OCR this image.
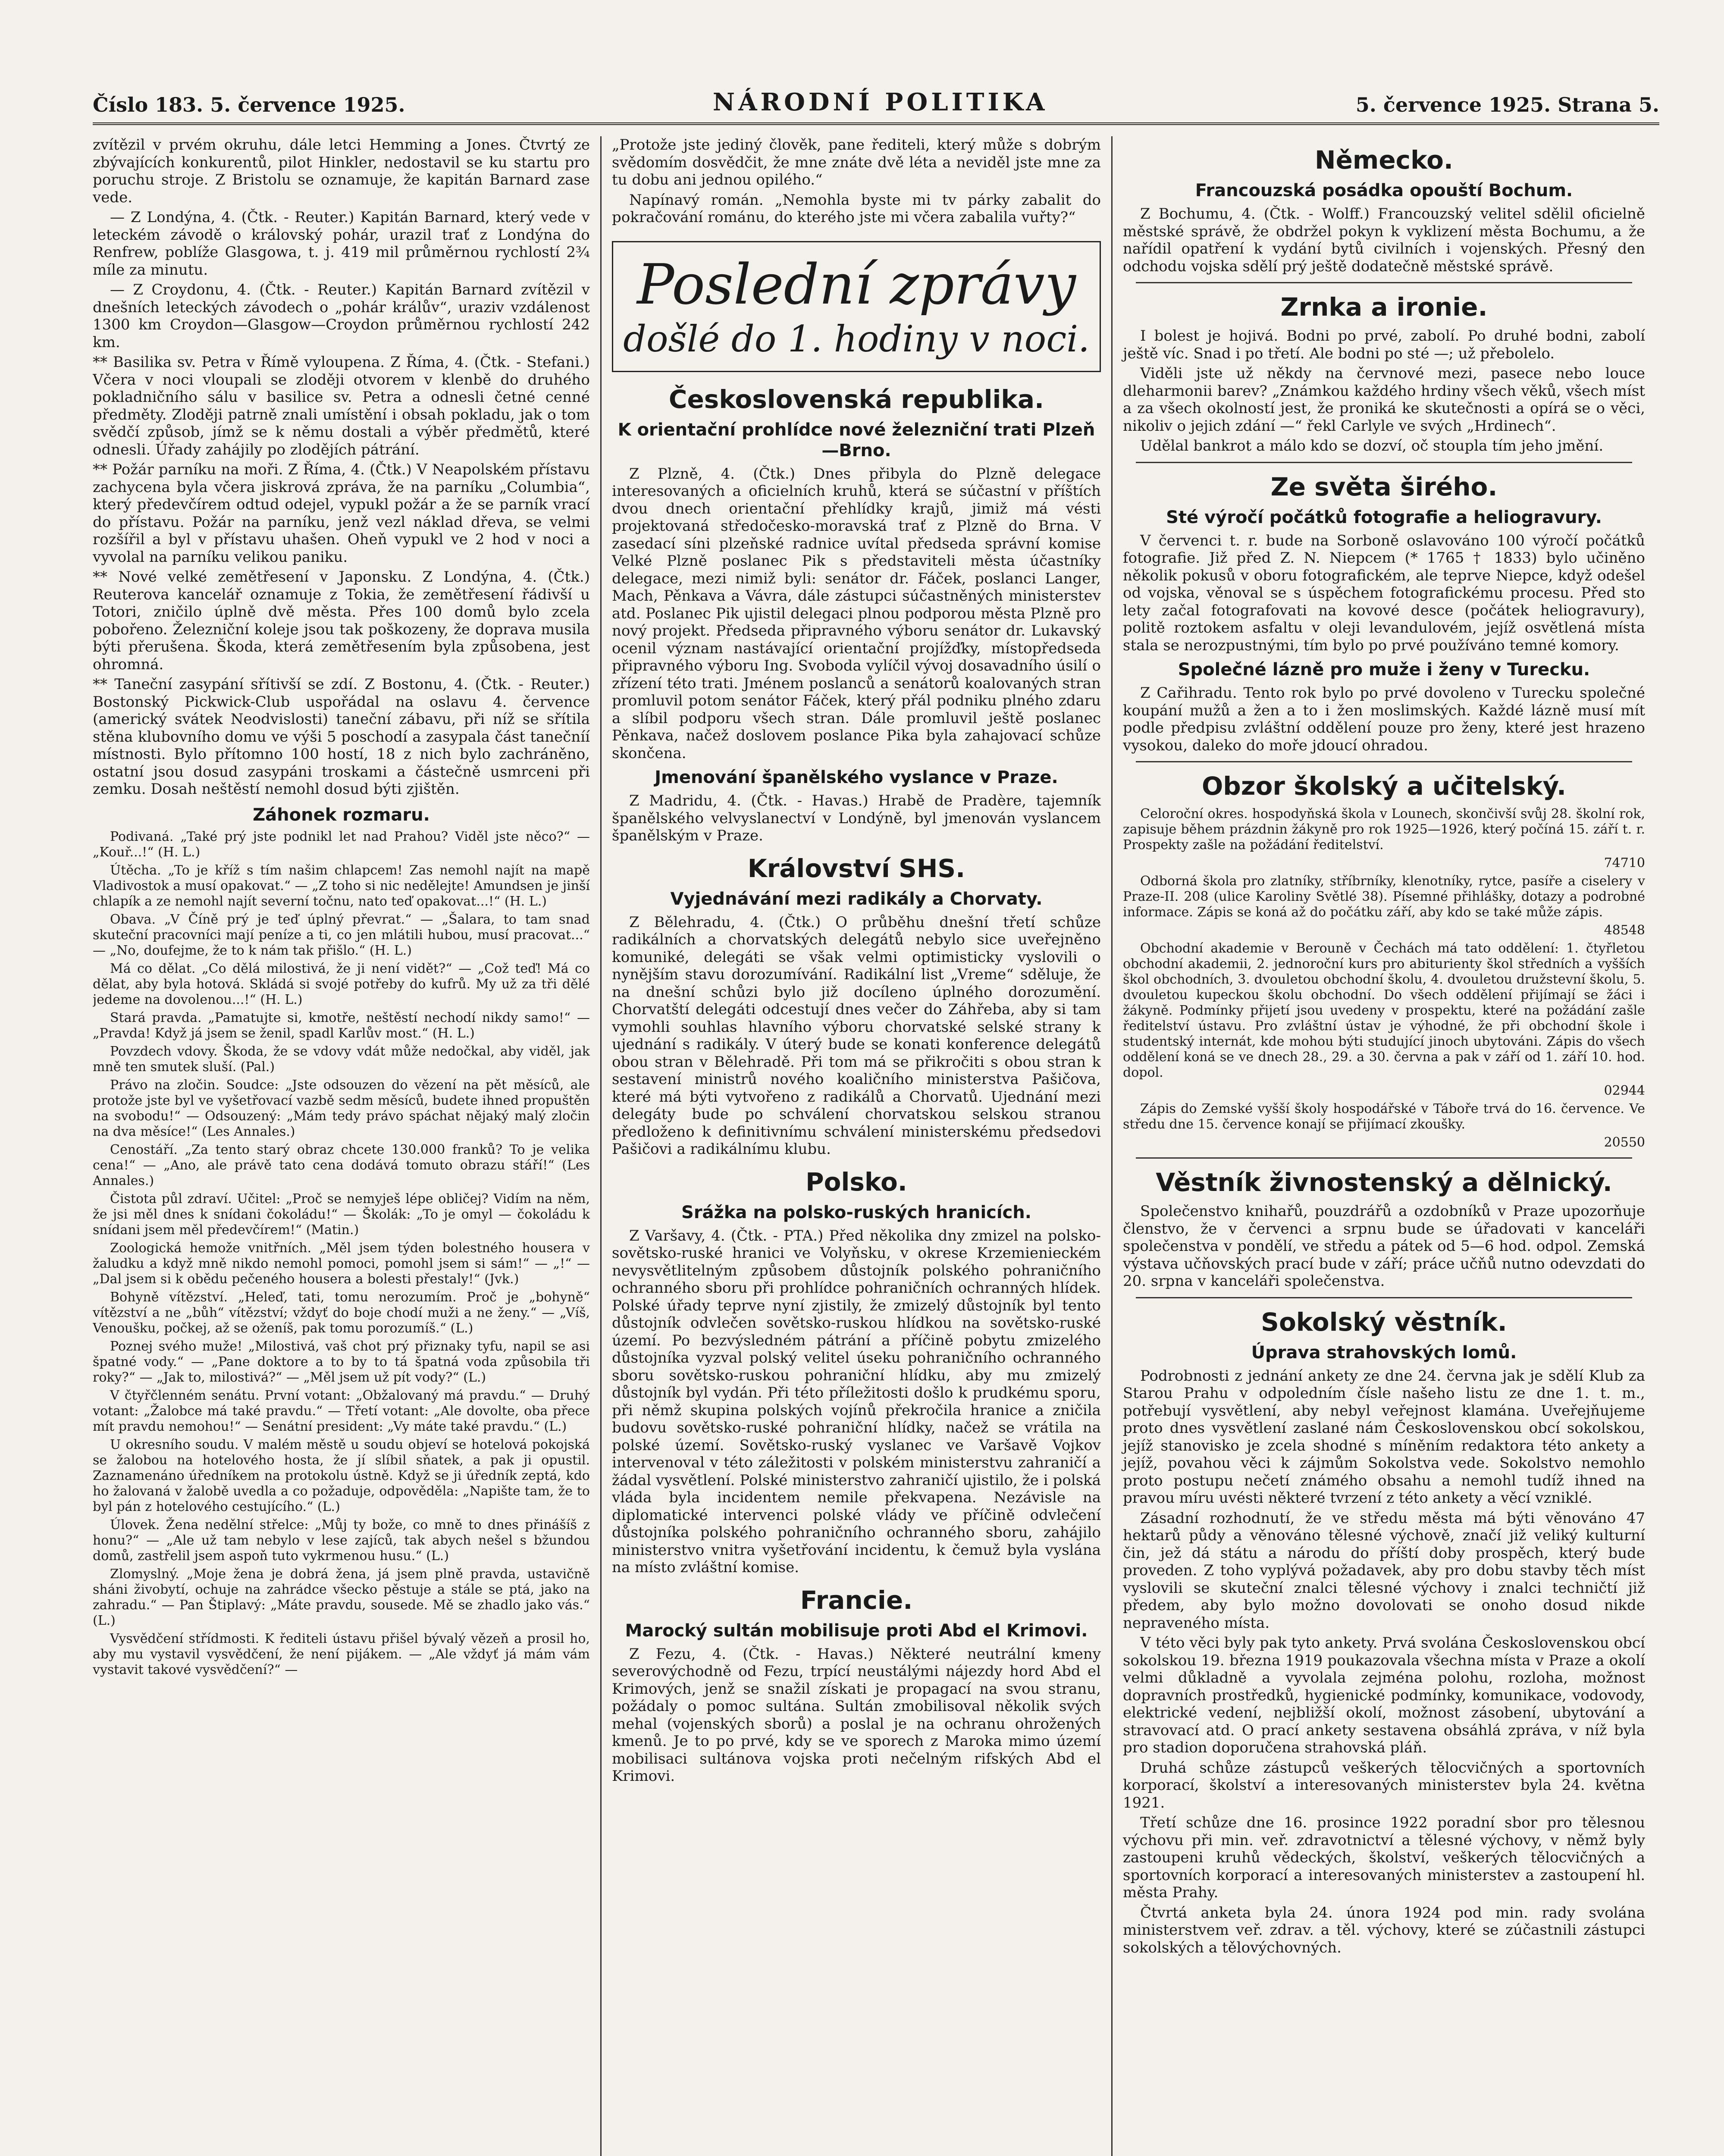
Číslo 183. 5. července 1925.	NÁRODNÍ POLITIKA	5. července 1925. Strana 5.

zvítězil v prvém okruhu, dále letci Hemming a Jones. Čtvrtý ze zbývajících konkurentů, pilot Hinkler, nedostavil se ku startu pro poruchu stroje. Z Bristolu se oznamuje, že kapitán Barnard zase vede.

— Z Londýna, 4. (Čtk. - Reuter.) Kapitán Barnard, který vede v leteckém závodě o královský pohár, urazil trať z Londýna do Renfrew, poblíže Glasgowa, t. j. 419 mil průměrnou rychlostí 2¾ míle za minutu.

— Z Croydonu, 4. (Čtk. - Reuter.) Kapitán Barnard zvítězil v dnešních leteckých závodech o „pohár králův“, uraziv vzdálenost 1300 km Croydon—Glasgow—Croydon průměrnou rychlostí 242 km.

** Basilika sv. Petra v Římě vyloupena. Z Říma, 4. (Čtk. - Stefani.) Včera v noci vloupali se zloději otvorem v klenbě do druhého pokladničního sálu v basilice sv. Petra a odnesli četné cenné předměty. Zloději patrně znali umístění i obsah pokladu, jak o tom svědčí způsob, jímž se k němu dostali a výběr předmětů, které odnesli. Úřady zahájily po zlodějích pátrání.

** Požár parníku na moři. Z Říma, 4. (Čtk.) V Neapolském přístavu zachycena byla včera jiskrová zpráva, že na parníku „Columbia“, který předevčírem odtud odejel, vypukl požár a že se parník vrací do přístavu. Požár na parníku, jenž vezl náklad dřeva, se velmi rozšířil a byl v přístavu uhašen. Oheň vypukl ve 2 hod v noci a vyvolal na parníku velikou paniku.

** Nové velké zemětřesení v Japonsku. Z Londýna, 4. (Čtk.) Reuterova kancelář oznamuje z Tokia, že zemětřesení řádivší u Totori, zničilo úplně dvě města. Přes 100 domů bylo zcela pobořeno. Železniční koleje jsou tak poškozeny, že doprava musila býti přerušena. Škoda, která zemětřesením byla způsobena, jest ohromná.

** Taneční zasypání sřítivší se zdí. Z Bostonu, 4. (Čtk. - Reuter.) Bostonský Pickwick-Club uspořádal na oslavu 4. července (americký svátek Neodvislosti) taneční zábavu, při níž se sřítila stěna klubovního domu ve výši 5 poschodí a zasypala část tanečníí místnosti. Bylo přítomno 100 hostí, 18 z nich bylo zachráněno, ostatní jsou dosud zasypáni troskami a částečně usmrceni při zemku. Dosah neštěstí nemohl dosud býti zjištěn.

Záhonek rozmaru.

Podivaná. „Také prý jste podnikl let nad Prahou? Viděl jste něco?“ — „Kouř...!“ (H. L.)

Útěcha. „To je kříž s tím našim chlapcem! Zas nemohl najít na mapě Vladivostok a musí opakovat.“ — „Z toho si nic nedělejte! Amundsen je jinší chlapík a ze nemohl najít severní točnu, nato teď opakovat...!“ (H. L.)

Obava. „V Číně prý je teď úplný převrat.“ — „Šalara, to tam snad skuteční pracovníci mají peníze a ti, co jen mlátili hubou, musí pracovat...“ — „No, doufejme, že to k nám tak přišlo.“ (H. L.)

Má co dělat. „Co dělá milostivá, že ji není vidět?“ — „Což teď! Má co dělat, aby byla hotová. Skládá si svojé potřeby do kufrů. My už za tři dělé jedeme na dovolenou...!“ (H. L.)

Stará pravda. „Pamatujte si, kmotře, neštěstí nechodí nikdy samo!“ — „Pravda! Když já jsem se ženil, spadl Karlův most.“ (H. L.)

Povzdech vdovy. Škoda, že se vdovy vdát může nedočkal, aby viděl, jak mně ten smutek sluší. (Pal.)

Právo na zločin. Soudce: „Jste odsouzen do vězení na pět měsíců, ale protože jste byl ve vyšetřovací vazbě sedm měsíců, budete ihned propuštěn na svobodu!“ — Odsouzený: „Mám tedy právo spáchat nějaký malý zločin na dva měsíce!“ (Les Annales.)

Cenostáří. „Za tento starý obraz chcete 130.000 franků? To je velika cena!“ — „Ano, ale právě tato cena dodává tomuto obrazu stáří!“ (Les Annales.)

Čistota půl zdraví. Učitel: „Proč se nemyješ lépe obličej? Vidím na něm, že jsi měl dnes k snídani čokoládu!“ — Školák: „To je omyl — čokoládu k snídani jsem měl předevčírem!“ (Matin.)

Zoologická hemože vnitřních. „Měl jsem týden bolestného housera v žaludku a když mně nikdo nemohl pomoci, pomohl jsem si sám!“ — „!“ — „Dal jsem si k obědu pečeného housera a bolesti přestaly!“ (Jvk.)

Bohyně vítězství. „Heleď, tati, tomu nerozumím. Proč je „bohyně“ vítězství a ne „bůh“ vítězství; vždyť do boje chodí muži a ne ženy.“ — „Víš, Venoušku, počkej, až se oženíš, pak tomu porozumíš.“ (L.)

Poznej svého muže! „Milostivá, vaš chot prý přiznaky tyfu, napil se asi špatné vody.“ — „Pane doktore a to by to tá špatná voda způsobila tři roky?“ — „Jak to, milostivá?“ — „Měl jsem už pít vody?“ (L.)

V čtyřčlenném senátu. První votant: „Obžalovaný má pravdu.“ — Druhý votant: „Žalobce má také pravdu.“ — Třetí votant: „Ale dovolte, oba přece mít pravdu nemohou!“ — Senátní president: „Vy máte také pravdu.“ (L.)

U okresního soudu. V malém městě u soudu objeví se hotelová pokojská se žalobou na hotelového hosta, že jí slíbil sňatek, a pak ji opustil. Zaznamenáno úředníkem na protokolu ústně. Když se ji úředník zeptá, kdo ho žalovaná v žalobě uvedla a co požaduje, odpověděla: „Napište tam, že to byl pán z hotelového cestujícího.“ (L.)

Úlovek. Žena nedělní střelce: „Můj ty bože, co mně to dnes přinášíš z honu?“ — „Ale už tam nebylo v lese zajíců, tak abych nešel s bžundou domů, zastřelil jsem aspoň tuto vykrmenou husu.“ (L.)

Zlomyslný. „Moje žena je dobrá žena, já jsem plně pravda, ustavičně sháni živobytí, ochuje na zahrádce všecko pěstuje a stále se ptá, jako na zahradu.“ — Pan Štiplavý: „Máte pravdu, sousede. Mě se zhadlo jako vás.“ (L.)

Vysvědčení střídmosti. K řediteli ústavu přišel bývalý vězeň a prosil ho, aby mu vystavil vysvědčení, že není pijákem. — „Ale vždyť já mám vám vystavit takové vysvědčení?“ —

„Protože jste jediný člověk, pane řediteli, který může s dobrým svědomím dosvědčit, že mne znáte dvě léta a neviděl jste mne za tu dobu ani jednou opilého.“

Napínavý román. „Nemohla byste mi tv párky zabalit do pokračování románu, do kterého jste mi včera zabalila vuřty?“

Poslední zprávy
došlé do 1. hodiny v noci.
Československá republika.
K orientační prohlídce nové železniční trati Plzeň—Brno.

Z Plzně, 4. (Čtk.) Dnes přibyla do Plzně delegace interesovaných a oficielních kruhů, která se súčastní v příštích dvou dnech orientační přehlídky krajů, jimiž má vésti projektovaná středočesko-moravská trať z Plzně do Brna. V zasedací síni plzeňské radnice uvítal předseda správní komise Velké Plzně poslanec Pik s představiteli města účastníky delegace, mezi nimiž byli: senátor dr. Fáček, poslanci Langer, Mach, Pěnkava a Vávra, dále zástupci súčastněných ministerstev atd. Poslanec Pik ujistil delegaci plnou podporou města Plzně pro nový projekt. Předseda připravného výboru senátor dr. Lukavský ocenil význam nastávající orientační projížďky, místopředseda připravného výboru Ing. Svoboda vylíčil vývoj dosavadního úsilí o zřízení této trati. Jménem poslanců a senátorů koalovaných stran promluvil potom senátor Fáček, který přál podniku plného zdaru a slíbil podporu všech stran. Dále promluvil ještě poslanec Pěnkava, načež doslovem poslance Pika byla zahajovací schůze skončena.

Jmenování španělského vyslance v Praze.

Z Madridu, 4. (Čtk. - Havas.) Hrabě de Pradère, tajemník španělského velvyslanectví v Londýně, byl jmenován vyslancem španělským v Praze.

Království SHS.
Vyjednávání mezi radikály a Chorvaty.

Z Bělehradu, 4. (Čtk.) O průběhu dnešní třetí schůze radikálních a chorvatských delegátů nebylo sice uveřejněno komuniké, delegáti se však velmi optimisticky vyslovili o nynějším stavu dorozumívání. Radikální list „Vreme“ sděluje, že na dnešní schůzi bylo již docíleno úplného dorozumění. Chorvatští delegáti odcestují dnes večer do Záhřeba, aby si tam vymohli souhlas hlavního výboru chorvatské selské strany k ujednání s radikály. V úterý bude se konati konference delegátů obou stran v Bělehradě. Při tom má se přikročiti s obou stran k sestavení ministrů nového koaličního ministerstva Pašičova, které má býti vytvořeno z radikálů a Chorvatů. Ujednání mezi delegáty bude po schválení chorvatskou selskou stranou předloženo k definitivnímu schválení ministerskému předsedovi Pašičovi a radikálnímu klubu.

Polsko.
Srážka na polsko-ruských hranicích.

Z Varšavy, 4. (Čtk. - PTA.) Před několika dny zmizel na polsko-sovětsko-ruské hranici ve Volyňsku, v okrese Krzemienieckém nevysvětlitelným způsobem důstojník polského pohraničního ochranného sboru při prohlídce pohraničních ochranných hlídek. Polské úřady teprve nyní zjistily, že zmizelý důstojník byl tento důstojník odvlečen sovětsko-ruskou hlídkou na sovětsko-ruské území. Po bezvýsledném pátrání a příčině pobytu zmizelého důstojníka vyzval polský velitel úseku pohraničního ochranného sboru sovětsko-ruskou pohraniční hlídku, aby mu zmizelý důstojník byl vydán. Při této příležitosti došlo k prudkému sporu, při němž skupina polských vojínů překročila hranice a zničila budovu sovětsko-ruské pohraniční hlídky, načež se vrátila na polské území. Sovětsko-ruský vyslanec ve Varšavě Vojkov intervenoval v této záležitosti v polském ministerstvu zahraničí a žádal vysvětlení. Polské ministerstvo zahraničí ujistilo, že i polská vláda byla incidentem nemile překvapena. Nezávisle na diplomatické intervenci polské vlády ve příčině odvlečení důstojníka polského pohraničního ochranného sboru, zahájilo ministerstvo vnitra vyšetřování incidentu, k čemuž byla vyslána na místo zvláštní komise.

Francie.
Marocký sultán mobilisuje proti Abd el Krimovi.

Z Fezu, 4. (Čtk. - Havas.) Některé neutrální kmeny severovýchodně od Fezu, trpící neustálými nájezdy hord Abd el Krimových, jenž se snažil získati je propagací na svou stranu, požádaly o pomoc sultána. Sultán zmobilisoval několik svých mehal (vojenských sborů) a poslal je na ochranu ohrožených kmenů. Je to po prvé, kdy se ve sporech z Maroka mimo území mobilisaci sultánova vojska proti nečelným rifských Abd el Krimovi.

Německo.
Francouzská posádka opouští Bochum.

Z Bochumu, 4. (Čtk. - Wolff.) Francouzský velitel sdělil oficielně městské správě, že obdržel pokyn k vyklizení města Bochumu, a že nařídil opatření k vydání bytů civilních i vojenských. Přesný den odchodu vojska sdělí prý ještě dodatečně městské správě.

Zrnka a ironie.

I bolest je hojivá. Bodni po prvé, zabolí. Po druhé bodni, zabolí ještě víc. Snad i po třetí. Ale bodni po sté —; už přebolelo.

Viděli jste už někdy na červnové mezi, pasece nebo louce dleharmonii barev? „Známkou každého hrdiny všech věků, všech míst a za všech okolností jest, že proniká ke skutečnosti a opírá se o věci, nikoliv o jejich zdání —“ řekl Carlyle ve svých „Hrdinech“.

Udělal bankrot a málo kdo se dozví, oč stoupla tím jeho jmění.

Ze světa širého.
Sté výročí počátků fotografie a heliogravury.

V červenci t. r. bude na Sorboně oslavováno 100 výročí počátků fotografie. Již před Z. N. Niepcem (* 1765 † 1833) bylo učiněno několik pokusů v oboru fotografickém, ale teprve Niepce, když odešel od vojska, věnoval se s úspěchem fotografickému procesu. Před sto lety začal fotografovati na kovové desce (počátek heliogravury), politě roztokem asfaltu v oleji levandulovém, jejíž osvětlená místa stala se nerozpustnými, tím bylo po prvé používáno temné komory.

Společné lázně pro muže i ženy v Turecku.

Z Cařihradu. Tento rok bylo po prvé dovoleno v Turecku společné koupání mužů a žen a to i žen moslimských. Každé lázně musí mít podle předpisu zvláštní oddělení pouze pro ženy, které jest hrazeno vysokou, daleko do moře jdoucí ohradou.

Obzor školský a učitelský.

Celoroční okres. hospodyňská škola v Lounech, skončivší svůj 28. školní rok, zapisuje během prázdnin žákyně pro rok 1925—1926, který počíná 15. září t. r. Prospekty zašle na požádání ředitelství.

74710

Odborná škola pro zlatníky, stříbrníky, klenotníky, rytce, pasíře a ciselery v Praze-II. 208 (ulice Karoliny Světlé 38). Písemné přihlášky, dotazy a podrobné informace. Zápis se koná až do počátku září, aby kdo se také může zápis.

48548

Obchodní akademie v Berouně v Čechách má tato oddělení: 1. čtyřletou obchodní akademii, 2. jednoroční kurs pro abiturienty škol středních a vyšších škol obchodních, 3. dvouletou obchodní školu, 4. dvouletou družstevní školu, 5. dvouletou kupeckou školu obchodní. Do všech oddělení přijímají se žáci i žákyně. Podmínky přijetí jsou uvedeny v prospektu, které na požádání zašle ředitelství ústavu. Pro zvláštní ústav je výhodné, že při obchodní škole i studentský internát, kde mohou býti studující jinoch ubytováni. Zápis do všech oddělení koná se ve dnech 28., 29. a 30. června a pak v září od 1. září 10. hod. dopol.

02944

Zápis do Zemské vyšší školy hospodářské v Táboře trvá do 16. července. Ve středu dne 15. července konají se přijímací zkoušky.

20550

Věstník živnostenský a dělnický.

Společenstvo knihařů, pouzdrářů a ozdobníků v Praze upozorňuje členstvo, že v červenci a srpnu bude se úřadovati v kanceláři společenstva v pondělí, ve středu a pátek od 5—6 hod. odpol. Zemská výstava učňovských prací bude v září; práce učňů nutno odevzdati do 20. srpna v kanceláři společenstva.

Sokolský věstník.
Úprava strahovských lomů.

Podrobnosti z jednání ankety ze dne 24. června jak je sdělí Klub za Starou Prahu v odpoledním čísle našeho listu ze dne 1. t. m., potřebují vysvětlení, aby nebyl veřejnost klamána. Uveřejňujeme proto dnes vysvětlení zaslané nám Československou obcí sokolskou, jejíž stanovisko je zcela shodné s míněním redaktora této ankety a jejíž, povahou věci k zájmům Sokolstva vede. Sokolstvo nemohlo proto postupu nečetí známého obsahu a nemohl tudíž ihned na pravou míru uvésti některé tvrzení z této ankety a věcí vzniklé.

Zásadní rozhodnutí, že ve středu města má býti věnováno 47 hektarů půdy a věnováno tělesné výchově, značí již veliký kulturní čin, jež dá státu a národu do příští doby prospěch, který bude proveden. Z toho vyplývá požadavek, aby pro dobu stavby těch míst vyslovili se skuteční znalci tělesné výchovy i znalci techničtí již předem, aby bylo možno dovolovati se onoho dosud nikde nepraveného místa.

V této věci byly pak tyto ankety. Prvá svolána Československou obcí sokolskou 19. března 1919 poukazovala všechna místa v Praze a okolí velmi důkladně a vyvolala zejména polohu, rozloha, možnost dopravních prostředků, hygienické podmínky, komunikace, vodovody, elektrické vedení, nejbližší okolí, možnost zásobení, ubytování a stravovací atd. O prací ankety sestavena obsáhlá zpráva, v níž byla pro stadion doporučena strahovská pláň.

Druhá schůze zástupců veškerých tělocvičných a sportovních korporací, školství a interesovaných ministerstev byla 24. května 1921.

Třetí schůze dne 16. prosince 1922 poradní sbor pro tělesnou výchovu při min. veř. zdravotnictví a tělesné výchovy, v němž byly zastoupeni kruhů vědeckých, školství, veškerých tělocvičných a sportovních korporací a interesovaných ministerstev a zastoupení hl. města Prahy.

Čtvrtá anketa byla 24. února 1924 pod min. rady svolána ministerstvem veř. zdrav. a těl. výchovy, které se zúčastnili zástupci sokolských a tělovýchovných.
